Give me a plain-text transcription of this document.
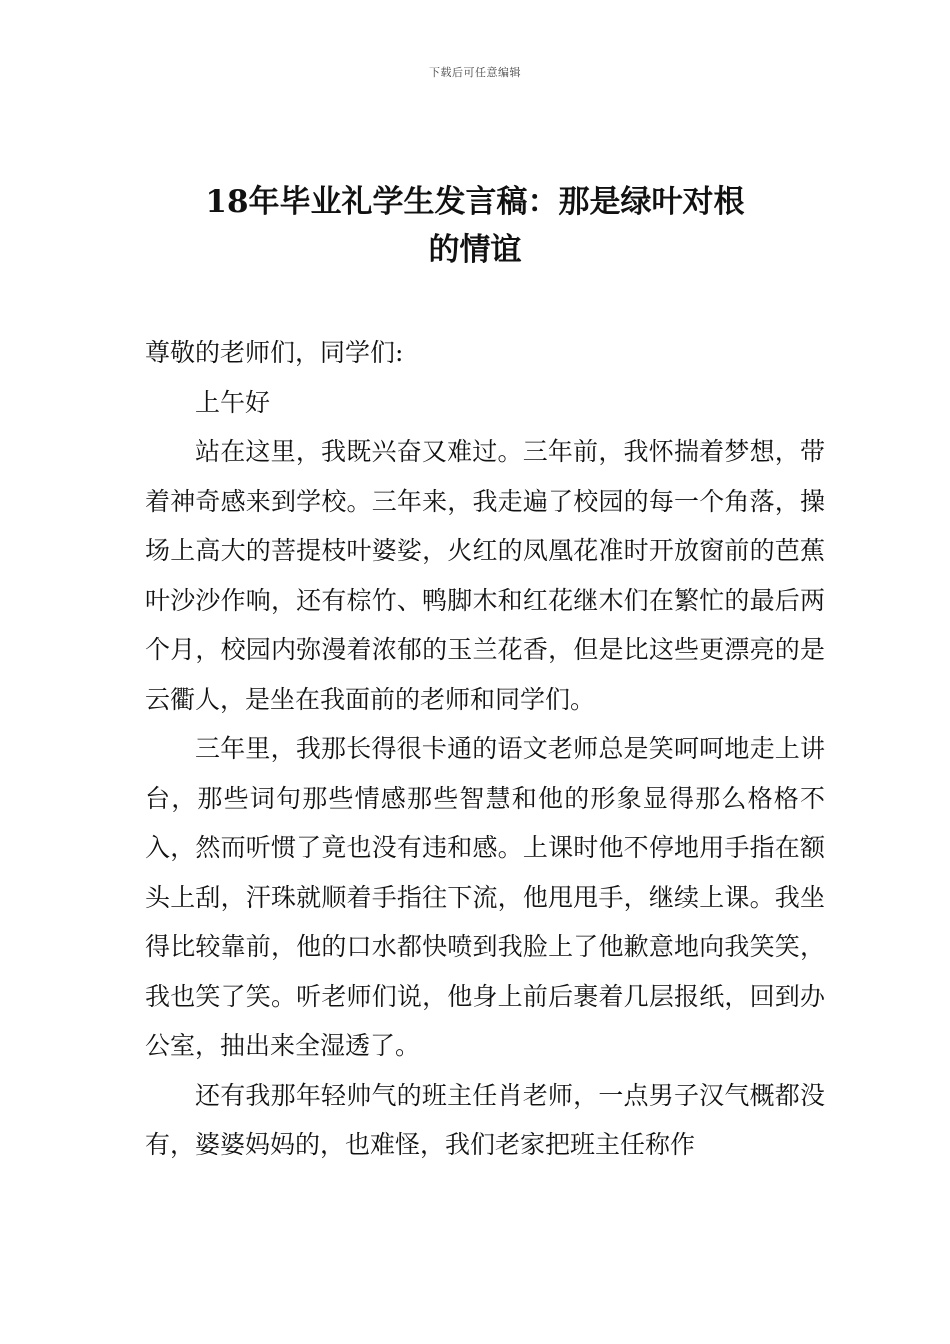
下载后可任意编辑
18年毕业礼学生发言稿：那是绿叶对根
的情谊

尊敬的老师们，同学们:

上午好

站在这里，我既兴奋又难过。三年前，我怀揣着梦想，带着神奇感来到学校。三年来，我走遍了校园的每一个角落，操场上高大的菩提枝叶婆娑，火红的凤凰花准时开放窗前的芭蕉叶沙沙作响，还有棕竹、鸭脚木和红花继木们在繁忙的最后两个月，校园内弥漫着浓郁的玉兰花香，但是比这些更漂亮的是云衢人，是坐在我面前的老师和同学们。

三年里，我那长得很卡通的语文老师总是笑呵呵地走上讲台，那些词句那些情感那些智慧和他的形象显得那么格格不入，然而听惯了竟也没有违和感。上课时他不停地用手指在额头上刮，汗珠就顺着手指往下流，他甩甩手，继续上课。我坐得比较靠前，他的口水都快喷到我脸上了他歉意地向我笑笑，我也笑了笑。听老师们说，他身上前后裹着几层报纸，回到办公室，抽出来全湿透了。

还有我那年轻帅气的班主任肖老师，一点男子汉气概都没有，婆婆妈妈的，也难怪，我们老家把班主任称作
